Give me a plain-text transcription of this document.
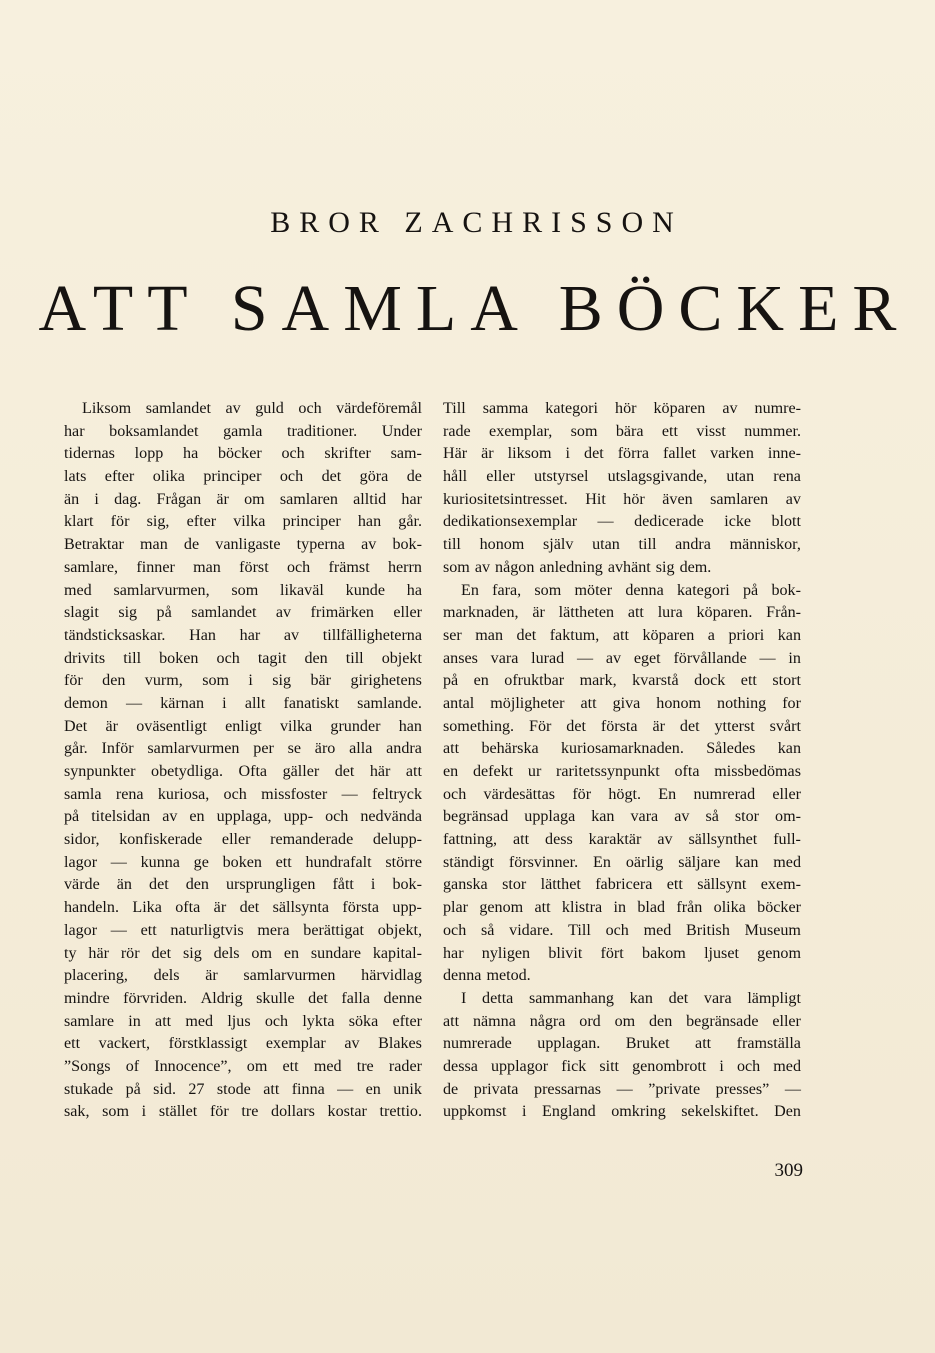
BROR ZACHRISSON
ATT SAMLA BÖCKER
Liksom samlandet av guld och värdeföremål
har boksamlandet gamla traditioner. Under
tidernas lopp ha böcker och skrifter sam-
lats efter olika principer och det göra de
än i dag. Frågan är om samlaren alltid har
klart för sig, efter vilka principer han går.
Betraktar man de vanligaste typerna av bok-
samlare, finner man först och främst herrn
med samlarvurmen, som likaväl kunde ha
slagit sig på samlandet av frimärken eller
tändsticksaskar. Han har av tillfälligheterna
drivits till boken och tagit den till objekt
för den vurm, som i sig bär girighetens
demon — kärnan i allt fanatiskt samlande.
Det är oväsentligt enligt vilka grunder han
går. Inför samlarvurmen per se äro alla andra
synpunkter obetydliga. Ofta gäller det här att
samla rena kuriosa, och missfoster — feltryck
på titelsidan av en upplaga, upp- och nedvända
sidor, konfiskerade eller remanderade delupp-
lagor — kunna ge boken ett hundrafalt större
värde än det den ursprungligen fått i bok-
handeln. Lika ofta är det sällsynta första upp-
lagor — ett naturligtvis mera berättigat objekt,
ty här rör det sig dels om en sundare kapital-
placering, dels är samlarvurmen härvidlag
mindre förvriden. Aldrig skulle det falla denne
samlare in att med ljus och lykta söka efter
ett vackert, förstklassigt exemplar av Blakes
”Songs of Innocence”, om ett med tre rader
stukade på sid. 27 stode att finna — en unik
sak, som i stället för tre dollars kostar trettio.
Till samma kategori hör köparen av numre-
rade exemplar, som bära ett visst nummer.
Här är liksom i det förra fallet varken inne-
håll eller utstyrsel utslagsgivande, utan rena
kuriositetsintresset. Hit hör även samlaren av
dedikationsexemplar — dedicerade icke blott
till honom själv utan till andra människor,
som av någon anledning avhänt sig dem.
En fara, som möter denna kategori på bok-
marknaden, är lättheten att lura köparen. Från-
ser man det faktum, att köparen a priori kan
anses vara lurad — av eget förvållande — in
på en ofruktbar mark, kvarstå dock ett stort
antal möjligheter att giva honom nothing for
something. För det första är det ytterst svårt
att behärska kuriosamarknaden. Således kan
en defekt ur raritetssynpunkt ofta missbedömas
och värdesättas för högt. En numrerad eller
begränsad upplaga kan vara av så stor om-
fattning, att dess karaktär av sällsynthet full-
ständigt försvinner. En oärlig säljare kan med
ganska stor lätthet fabricera ett sällsynt exem-
plar genom att klistra in blad från olika böcker
och så vidare. Till och med British Museum
har nyligen blivit fört bakom ljuset genom
denna metod.
I detta sammanhang kan det vara lämpligt
att nämna några ord om den begränsade eller
numrerade upplagan. Bruket att framställa
dessa upplagor fick sitt genombrott i och med
de privata pressarnas — ”private presses” —
uppkomst i England omkring sekelskiftet. Den

309
